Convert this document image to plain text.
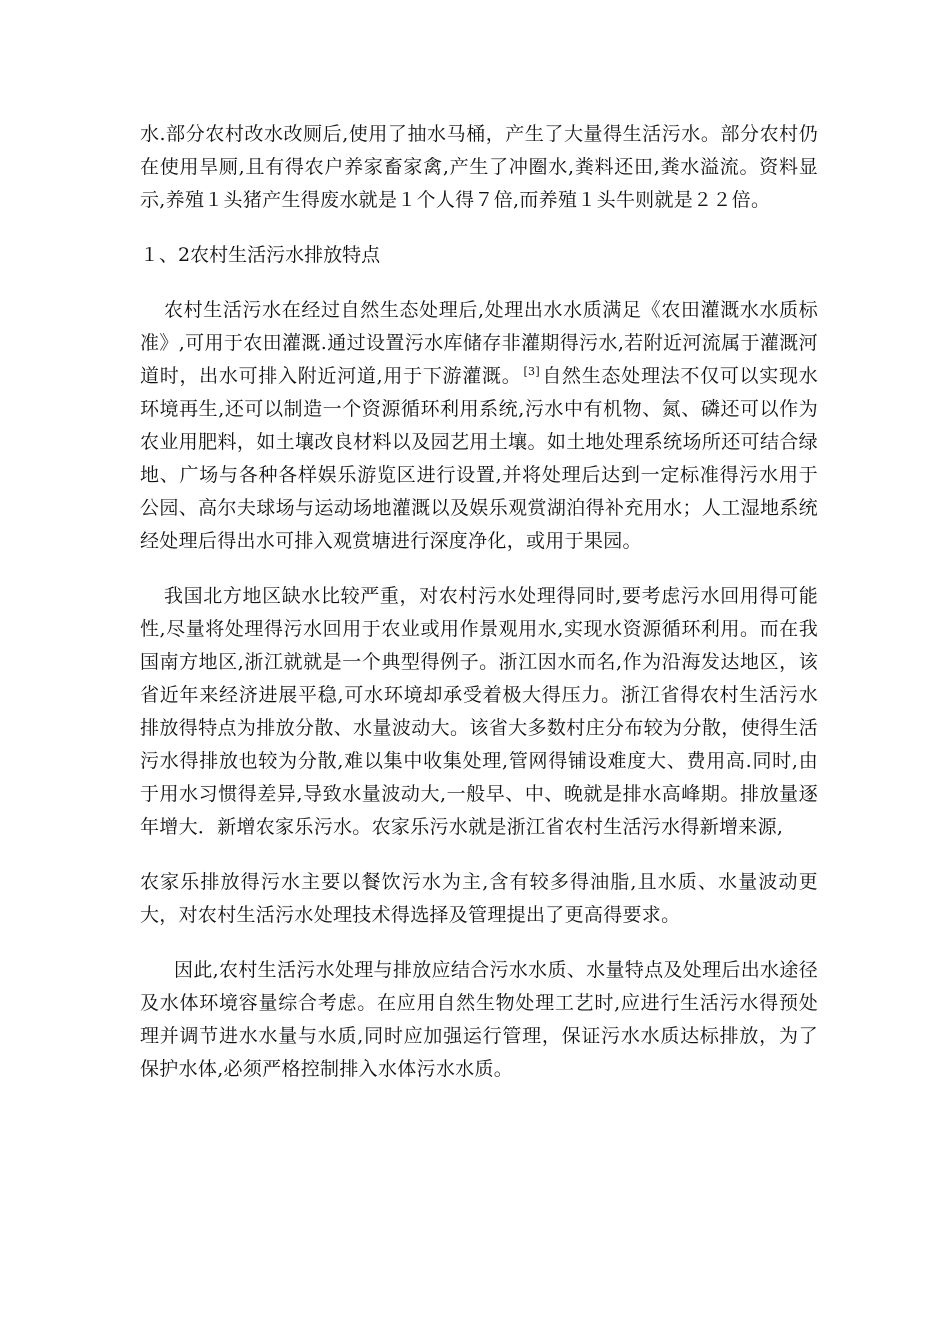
水.部分农村改水改厕后,使用了抽水马桶，产生了大量得生活污水。部分农村仍在使用旱厕,且有得农户养家畜家禽,产生了冲圈水,粪料还田,粪水溢流。资料显示,养殖１头猪产生得废水就是１个人得７倍,而养殖１头牛则就是２２倍。

１、2农村生活污水排放特点

农村生活污水在经过自然生态处理后,处理出水水质满足《农田灌溉水水质标准》,可用于农田灌溉.通过设置污水库储存非灌期得污水,若附近河流属于灌溉河道时，出水可排入附近河道,用于下游灌溉。 [3] 自然生态处理法不仅可以实现水环境再生,还可以制造一个资源循环利用系统,污水中有机物、氮、磷还可以作为农业用肥料，如土壤改良材料以及园艺用土壤。如土地处理系统场所还可结合绿地、广场与各种各样娱乐游览区进行设置,并将处理后达到一定标准得污水用于公园、高尔夫球场与运动场地灌溉以及娱乐观赏湖泊得补充用水；人工湿地系统经处理后得出水可排入观赏塘进行深度净化，或用于果园。

我国北方地区缺水比较严重，对农村污水处理得同时,要考虑污水回用得可能性,尽量将处理得污水回用于农业或用作景观用水,实现水资源循环利用。而在我国南方地区,浙江就就是一个典型得例子。浙江因水而名,作为沿海发达地区，该省近年来经济进展平稳,可水环境却承受着极大得压力。浙江省得农村生活污水排放得特点为排放分散、水量波动大。该省大多数村庄分布较为分散，使得生活污水得排放也较为分散,难以集中收集处理,管网得铺设难度大、费用高.同时,由于用水习惯得差异,导致水量波动大,一般早、中、晚就是排水高峰期。排放量逐年增大．新增农家乐污水。农家乐污水就是浙江省农村生活污水得新增来源,

农家乐排放得污水主要以餐饮污水为主,含有较多得油脂,且水质、水量波动更大，对农村生活污水处理技术得选择及管理提出了更高得要求。

因此,农村生活污水处理与排放应结合污水水质、水量特点及处理后出水途径及水体环境容量综合考虑。在应用自然生物处理工艺时,应进行生活污水得预处理并调节进水水量与水质,同时应加强运行管理，保证污水水质达标排放，为了保护水体,必须严格控制排入水体污水水质。
